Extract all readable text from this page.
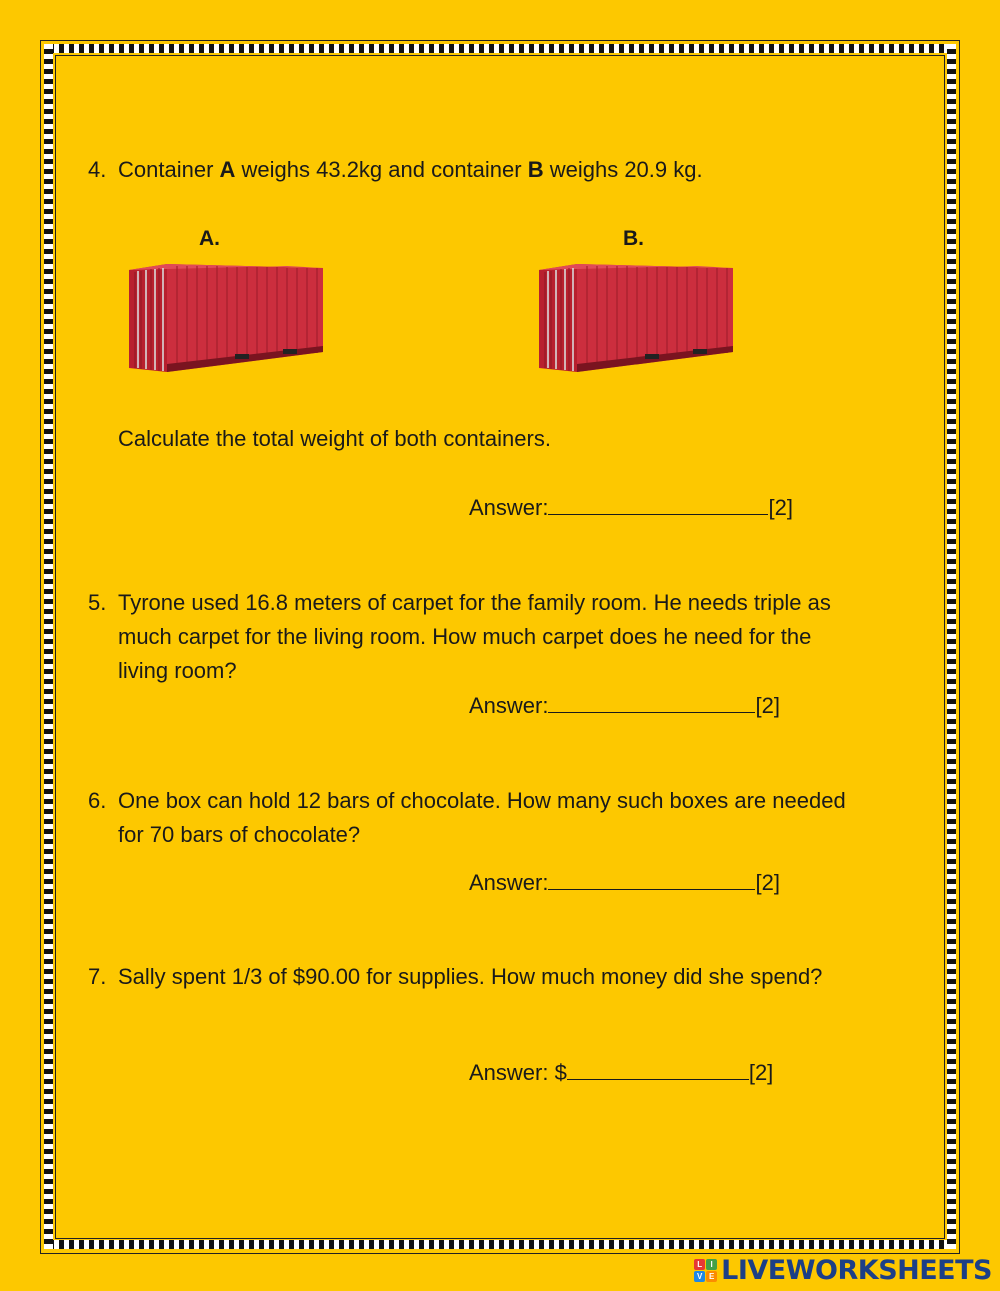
4. Container A weighs 43.2kg and container B weighs 20.9 kg.
A.	B.
Calculate the total weight of both containers.
Answer:	[2]
5. Tyrone used 16.8 meters of carpet for the family room. He needs triple as
much carpet for the living room. How much carpet does he need for the
living room?
Answer:	[2]
6. One box can hold 12 bars of chocolate. How many such boxes are needed
for 70 bars of chocolate?
Answer:	[2]
7. Sally spent 1/3 of $90.00 for supplies. How much money did she spend?
Answer: $	[2]
L	I
V E LIVEWORKSHEETS
